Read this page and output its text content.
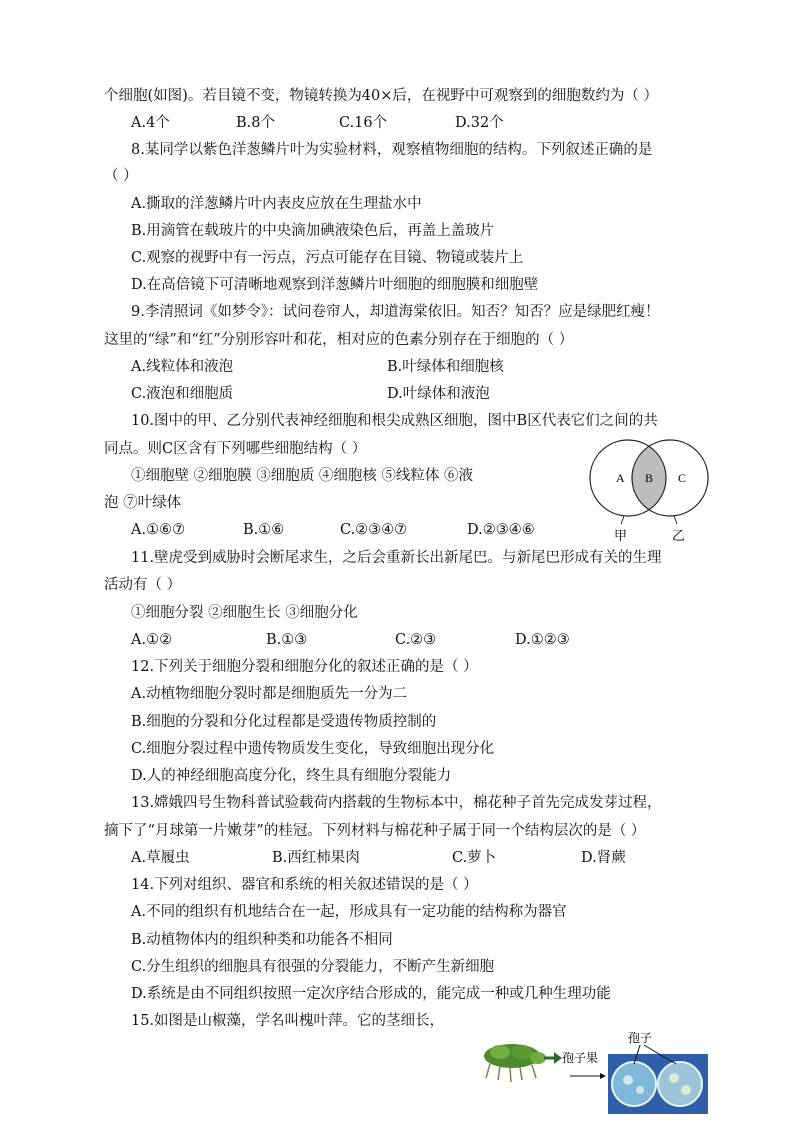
个细胞(如图)。若目镜不变，物镜转换为40×后，在视野中可观察到的细胞数约为（ ）
A.4个	B.8个	C.16个	D.32个
8.某同学以紫色洋葱鳞片叶为实验材料，观察植物细胞的结构。下列叙述正确的是
（ ）
A.撕取的洋葱鳞片叶内表皮应放在生理盐水中
B.用滴管在载玻片的中央滴加碘液染色后，再盖上盖玻片
C.观察的视野中有一污点，污点可能存在目镜、物镜或装片上
D.在高倍镜下可清晰地观察到洋葱鳞片叶细胞的细胞膜和细胞壁
9.李清照词《如梦令》：试问卷帘人，却道海棠依旧。知否？知否？应是绿肥红瘦！
这里的“绿”和“红”分别形容叶和花，相对应的色素分别存在于细胞的（ ）
A.线粒体和液泡	B.叶绿体和细胞核
C.液泡和细胞质	D.叶绿体和液泡
10.图中的甲、乙分别代表神经细胞和根尖成熟区细胞，图中B区代表它们之间的共
同点。则C区含有下列哪些细胞结构（ ）
①细胞壁 ②细胞膜 ③细胞质 ④细胞核 ⑤线粒体 ⑥液
泡 ⑦叶绿体
A.①⑥⑦	B.①⑥	C.②③④⑦	D.②③④⑥
A B C
甲	乙
11.壁虎受到威胁时会断尾求生，之后会重新长出新尾巴。与新尾巴形成有关的生理
活动有（ ）
①细胞分裂 ②细胞生长 ③细胞分化
A.①②	B.①③	C.②③	D.①②③
12.下列关于细胞分裂和细胞分化的叙述正确的是（ ）
A.动植物细胞分裂时都是细胞质先一分为二
B.细胞的分裂和分化过程都是受遗传物质控制的
C.细胞分裂过程中遗传物质发生变化，导致细胞出现分化
D.人的神经细胞高度分化，终生具有细胞分裂能力
13.嫦娥四号生物科普试验载荷内搭载的生物标本中，棉花种子首先完成发芽过程，
摘下了“月球第一片嫩芽”的桂冠。下列材料与棉花种子属于同一个结构层次的是（ ）
A.草履虫	B.西红柿果肉	C.萝卜	D.肾蕨
14.下列对组织、器官和系统的相关叙述错误的是（ ）
A.不同的组织有机地结合在一起，形成具有一定功能的结构称为器官
B.动植物体内的组织种类和功能各不相同
C.分生组织的细胞具有很强的分裂能力，不断产生新细胞
D.系统是由不同组织按照一定次序结合形成的，能完成一种或几种生理功能
15.如图是山椒藻，学名叫槐叶萍。它的茎细长，
孢子果
孢子
